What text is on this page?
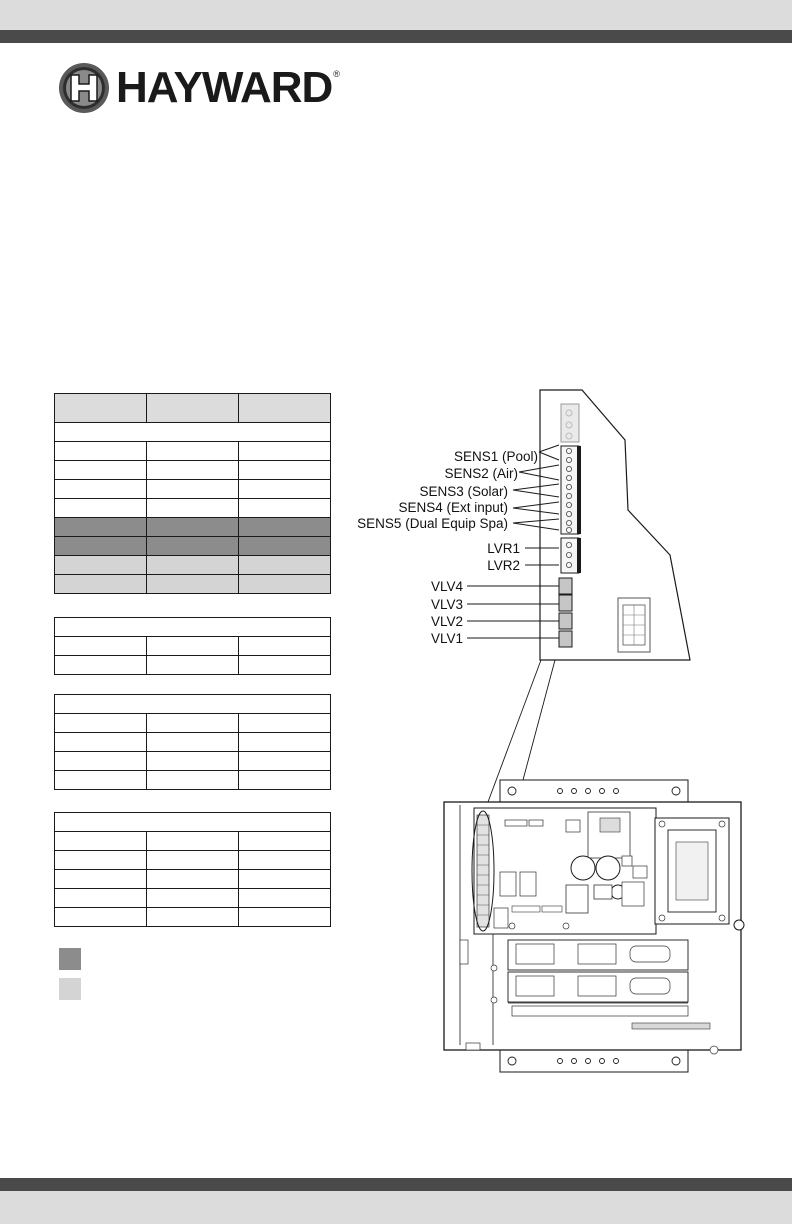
HAYWARD ®

SENS1 (Pool)
SENS2 (Air)
SENS3 (Solar)
SENS4 (Ext input)
SENS5 (Dual Equip Spa)
LVR1
LVR2
VLV4
VLV3
VLV2
VLV1
